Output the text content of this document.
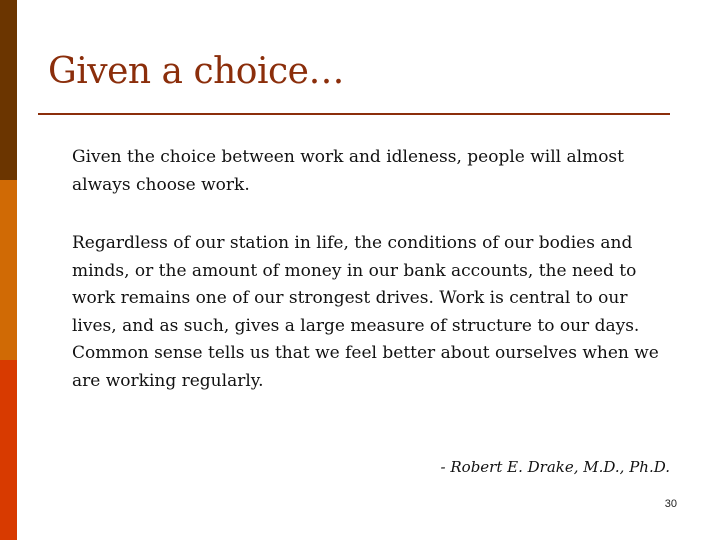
Given a choice…

Given the choice between work and idleness, people will almost always choose work.

Regardless of our station in life, the conditions of our bodies and minds, or the amount of money in our bank accounts, the need to work remains one of our strongest drives. Work is central to our lives, and as such, gives a large measure of structure to our days. Common sense tells us that we feel better about ourselves when we are working regularly.

- Robert E. Drake, M.D., Ph.D.

30
